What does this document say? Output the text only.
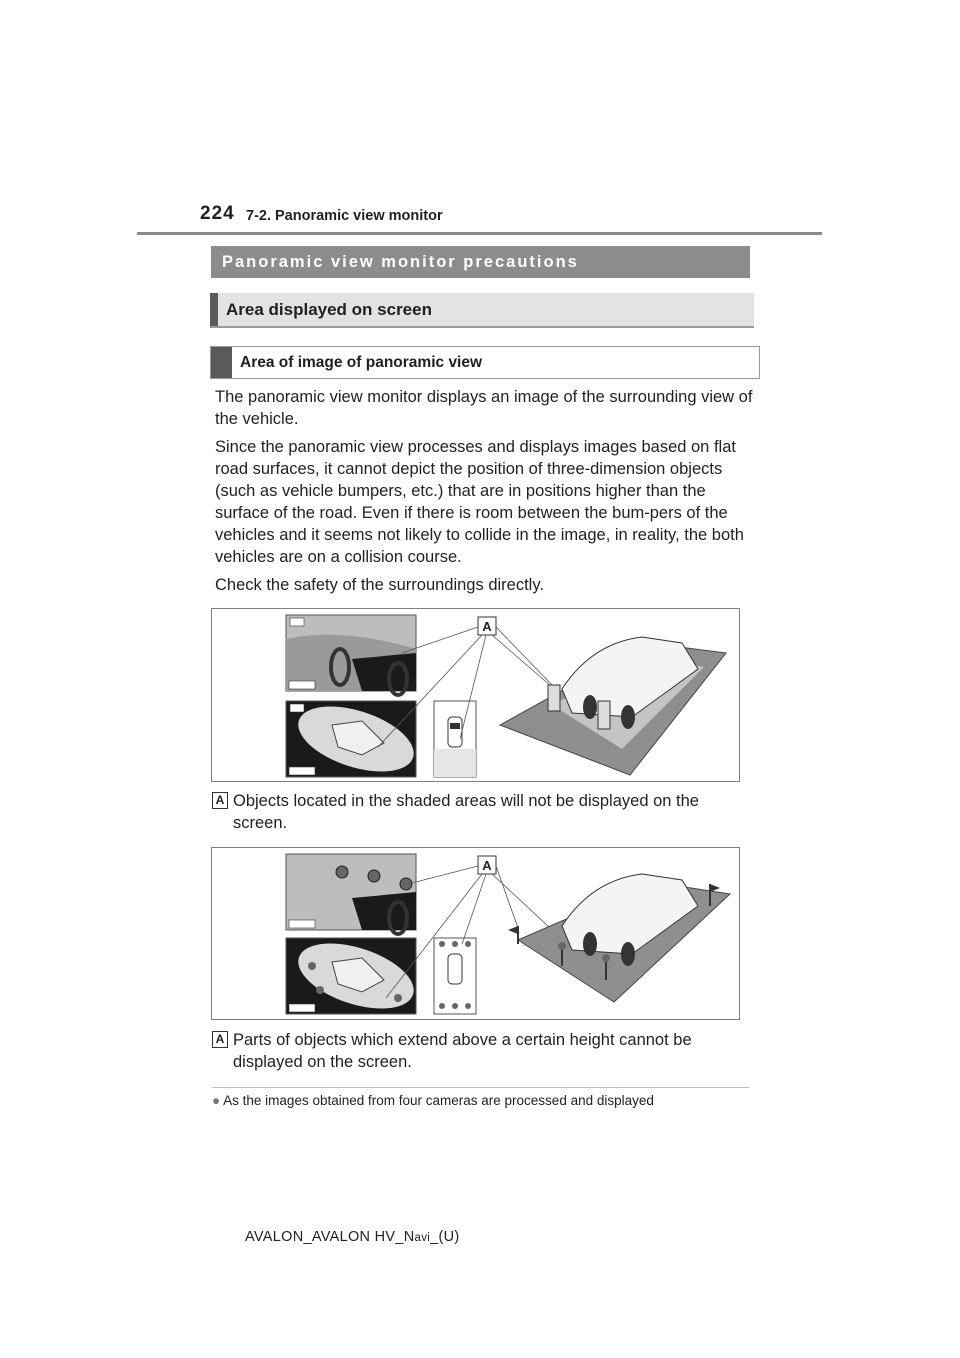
224 7-2. Panoramic view monitor
Panoramic view monitor precautions
Area displayed on screen
Area of image of panoramic view

The panoramic view monitor displays an image of the surrounding view of the vehicle.

Since the panoramic view processes and displays images based on flat road surfaces, it cannot depict the position of three-dimension objects (such as vehicle bumpers, etc.) that are in positions higher than the surface of the road. Even if there is room between the bum-pers of the vehicles and it seems not likely to collide in the image, in reality, the both vehicles are on a collision course.

Check the safety of the surroundings directly.

A
A Objects located in the shaded areas will not be displayed on the screen.
A
A Parts of objects which extend above a certain height cannot be displayed on the screen.
● As the images obtained from four cameras are processed and displayed
AVALON_AVALON HV_Navi_(U)
